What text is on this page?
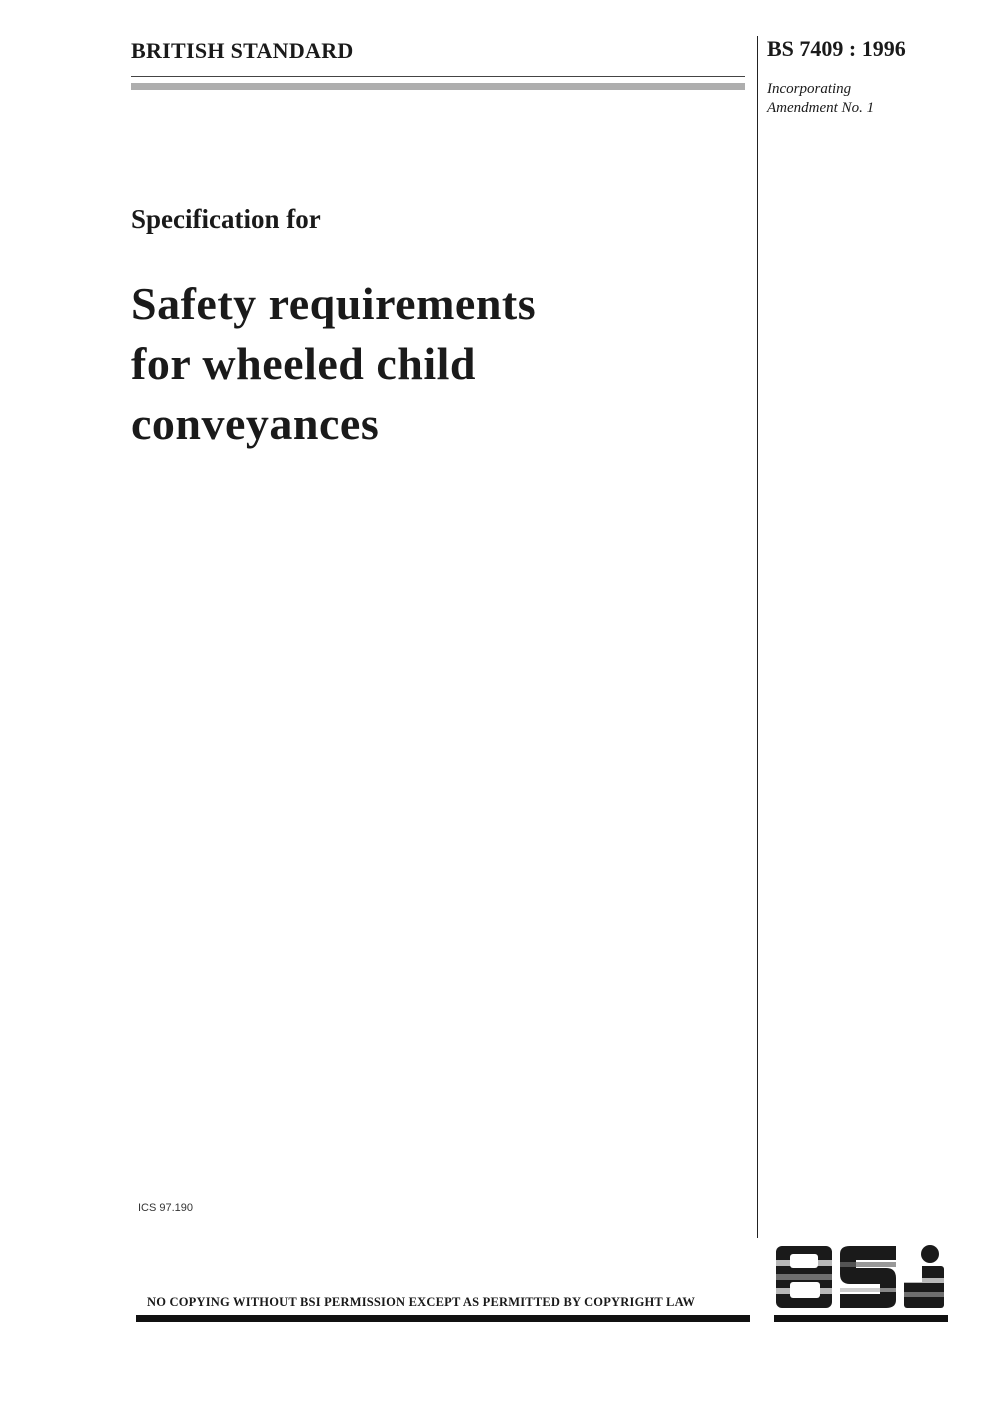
BRITISH STANDARD	BS 7409 : 1996
Incorporating
Amendment No. 1
Specification for
Safety requirements
for wheeled child
conveyances
ICS 97.190
NO COPYING WITHOUT BSI PERMISSION EXCEPT AS PERMITTED BY COPYRIGHT LAW
